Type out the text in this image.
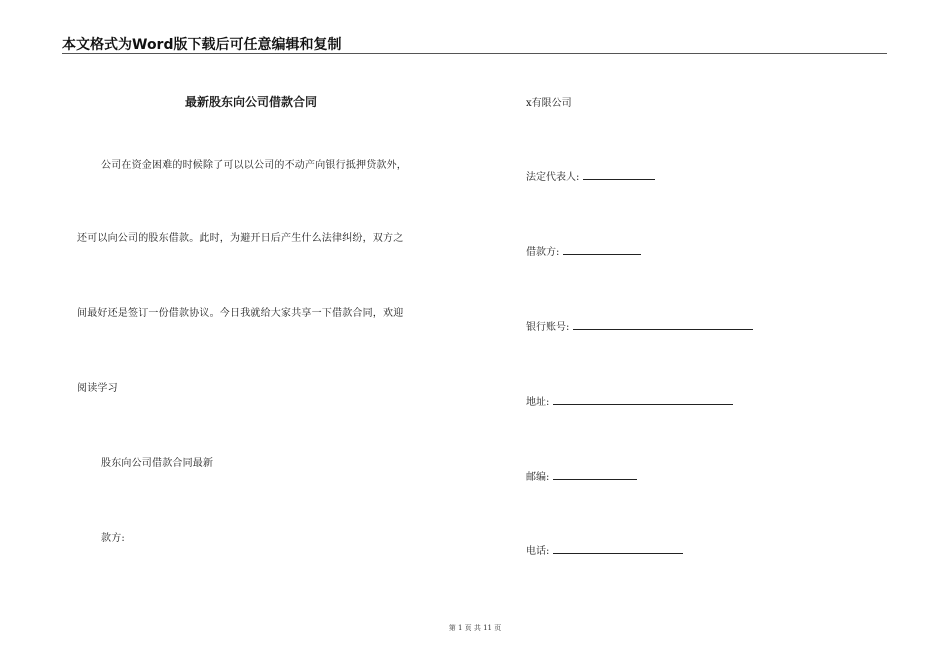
本文格式为Word版下载后可任意编辑和复制
最新股东向公司借款合同
公司在资金困难的时候除了可以以公司的不动产向银行抵押贷款外，
还可以向公司的股东借款。此时，为避开日后产生什么法律纠纷，双方之
间最好还是签订一份借款协议。今日我就给大家共享一下借款合同，欢迎
阅读学习
股东向公司借款合同最新
款方:
x有限公司
法定代表人:
借款方:
银行账号:
地址:
邮编:
电话:
第 1 页 共 11 页
